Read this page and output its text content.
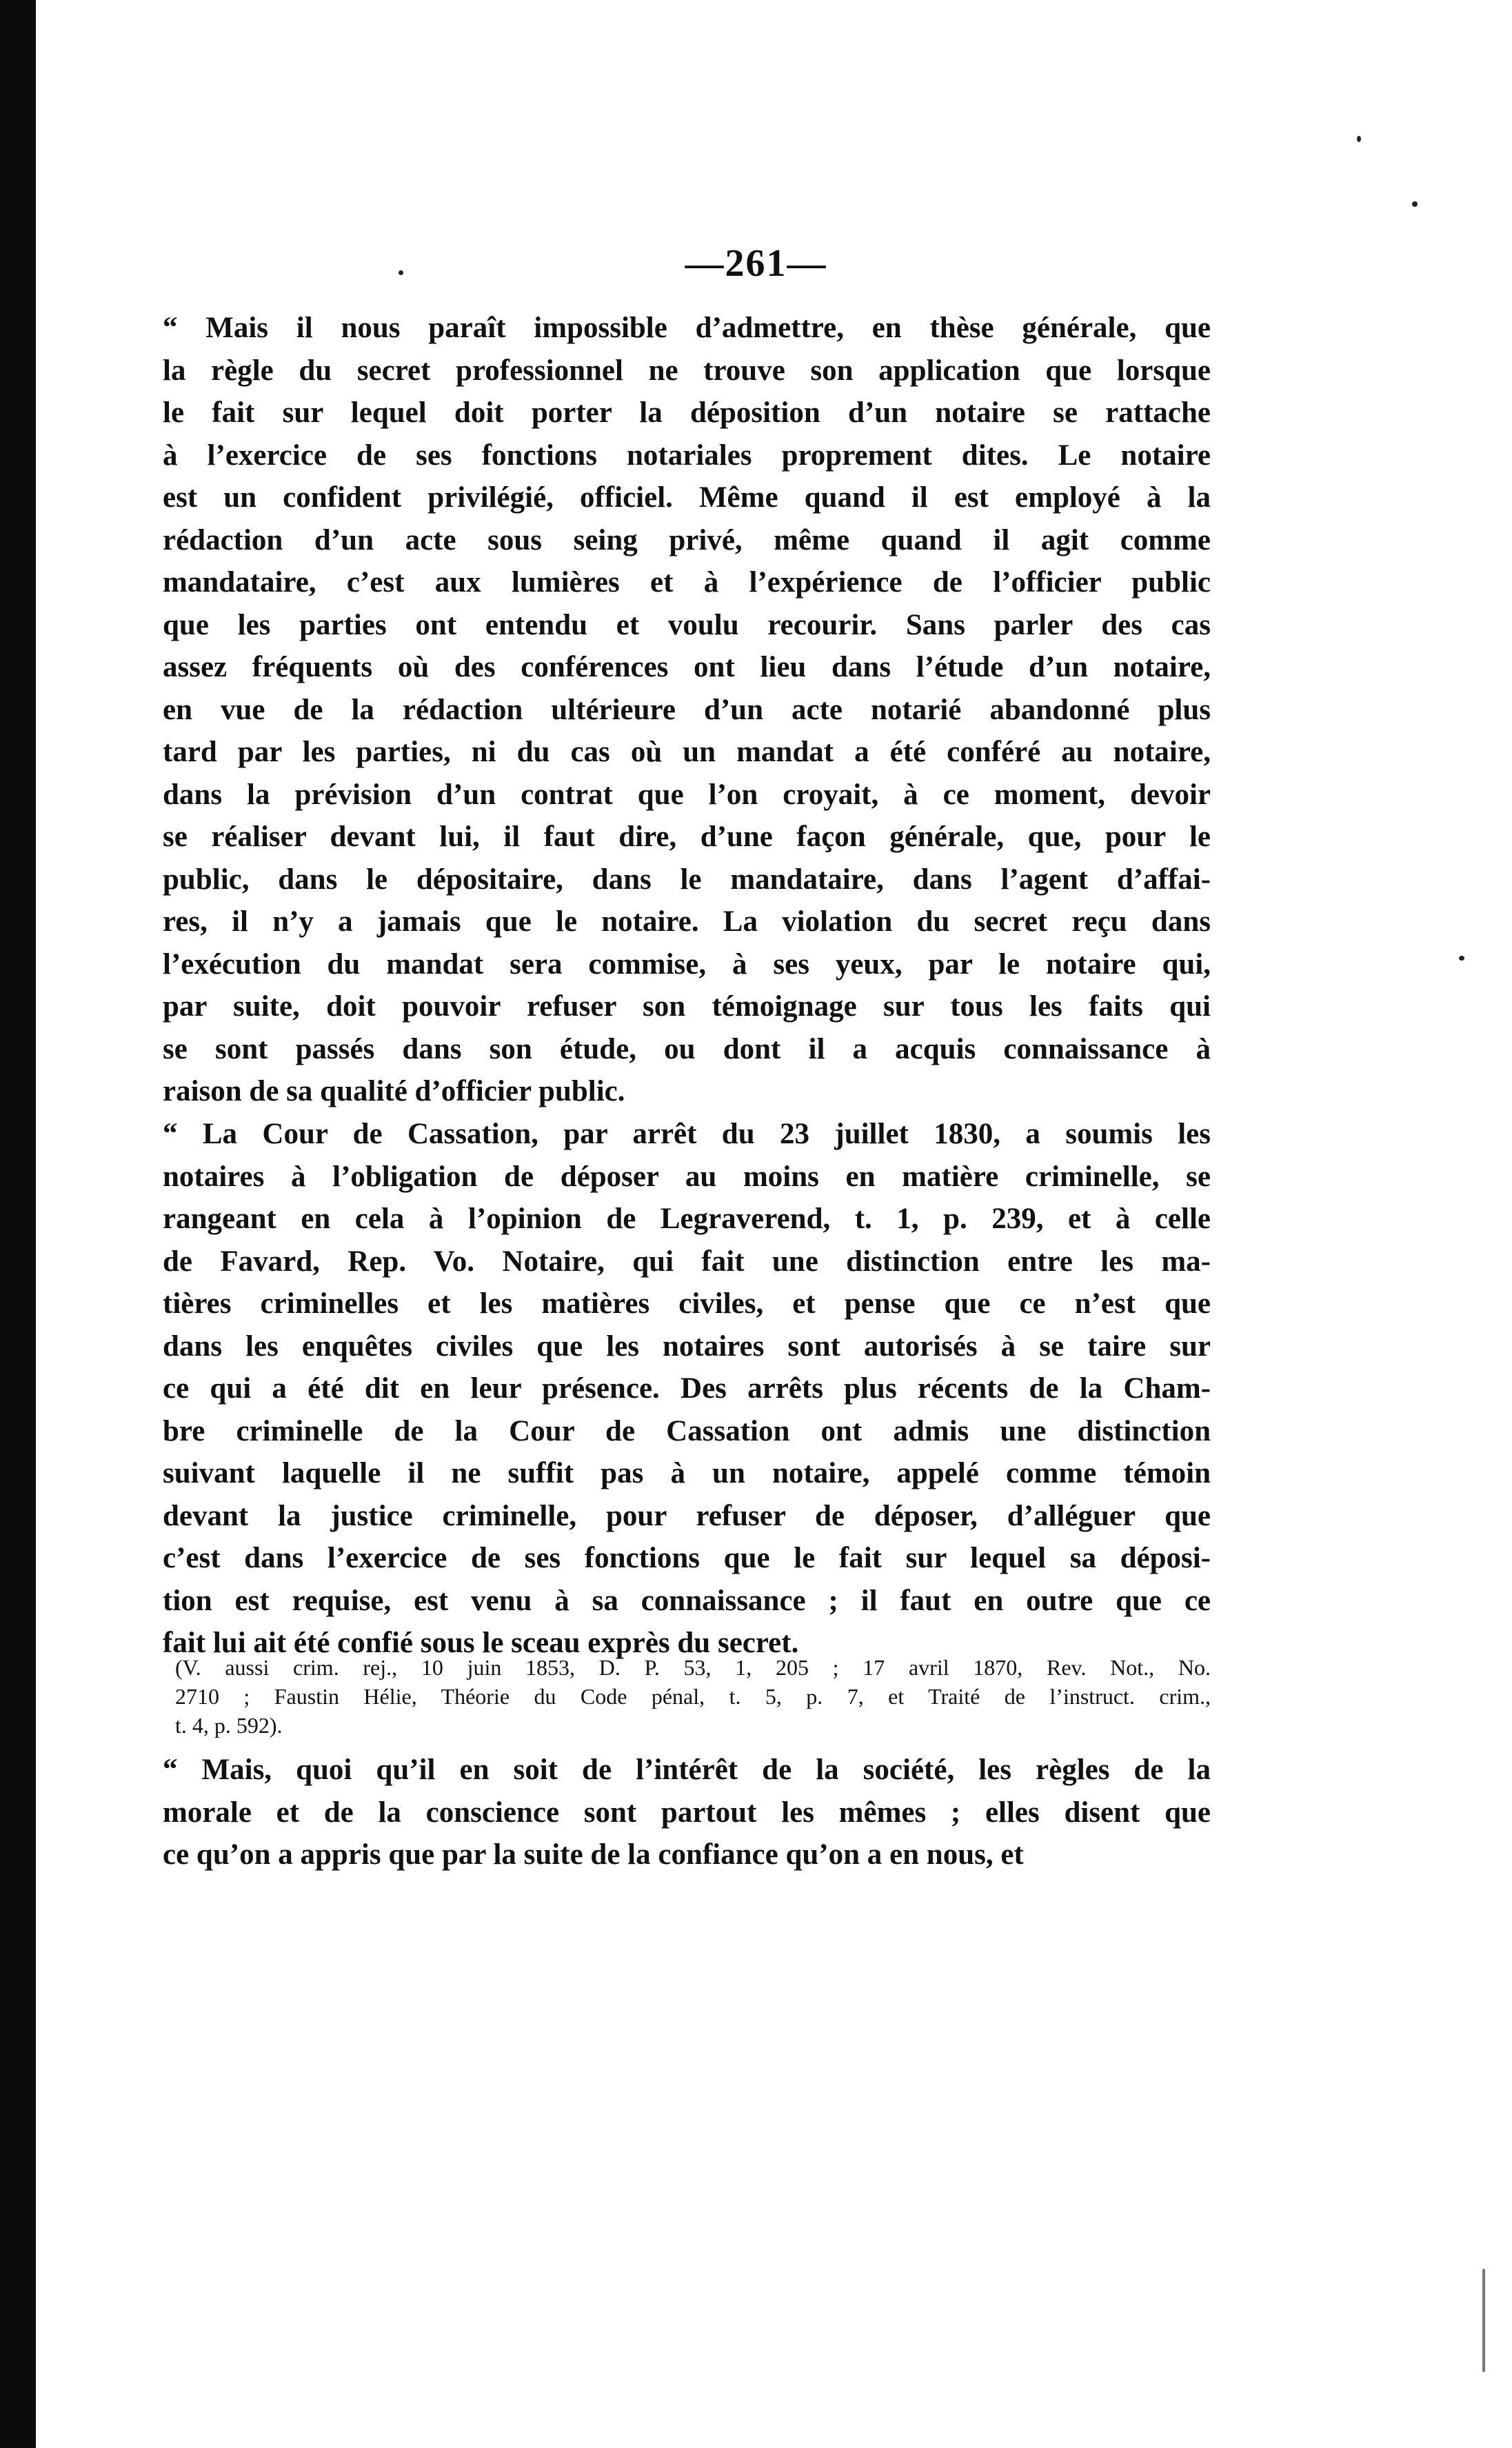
—261—
“ Mais il nous paraît impossible d’admettre, en thèse générale, que
la règle du secret professionnel ne trouve son application que lorsque
le fait sur lequel doit porter la déposition d’un notaire se rattache
à l’exercice de ses fonctions notariales proprement dites. Le notaire
est un confident privilégié, officiel. Même quand il est employé à la
rédaction d’un acte sous seing privé, même quand il agit comme
mandataire, c’est aux lumières et à l’expérience de l’officier public
que les parties ont entendu et voulu recourir. Sans parler des cas
assez fréquents où des conférences ont lieu dans l’étude d’un notaire,
en vue de la rédaction ultérieure d’un acte notarié abandonné plus
tard par les parties, ni du cas où un mandat a été conféré au notaire,
dans la prévision d’un contrat que l’on croyait, à ce moment, devoir
se réaliser devant lui, il faut dire, d’une façon générale, que, pour le
public, dans le dépositaire, dans le mandataire, dans l’agent d’affai-
res, il n’y a jamais que le notaire. La violation du secret reçu dans
l’exécution du mandat sera commise, à ses yeux, par le notaire qui,
par suite, doit pouvoir refuser son témoignage sur tous les faits qui
se sont passés dans son étude, ou dont il a acquis connaissance à
raison de sa qualité d’officier public.
“ La Cour de Cassation, par arrêt du 23 juillet 1830, a soumis les
notaires à l’obligation de déposer au moins en matière criminelle, se
rangeant en cela à l’opinion de Legraverend, t. 1, p. 239, et à celle
de Favard, Rep. Vo. Notaire, qui fait une distinction entre les ma-
tières criminelles et les matières civiles, et pense que ce n’est que
dans les enquêtes civiles que les notaires sont autorisés à se taire sur
ce qui a été dit en leur présence. Des arrêts plus récents de la Cham-
bre criminelle de la Cour de Cassation ont admis une distinction
suivant laquelle il ne suffit pas à un notaire, appelé comme témoin
devant la justice criminelle, pour refuser de déposer, d’alléguer que
c’est dans l’exercice de ses fonctions que le fait sur lequel sa déposi-
tion est requise, est venu à sa connaissance ; il faut en outre que ce
fait lui ait été confié sous le sceau exprès du secret.
(V. aussi crim. rej., 10 juin 1853, D. P. 53, 1, 205 ; 17 avril 1870, Rev. Not., No.
2710 ; Faustin Hélie, Théorie du Code pénal, t. 5, p. 7, et Traité de l’instruct. crim.,
t. 4, p. 592).
“ Mais, quoi qu’il en soit de l’intérêt de la société, les règles de la
morale et de la conscience sont partout les mêmes ; elles disent que
ce qu’on a appris que par la suite de la confiance qu’on a en nous, et
